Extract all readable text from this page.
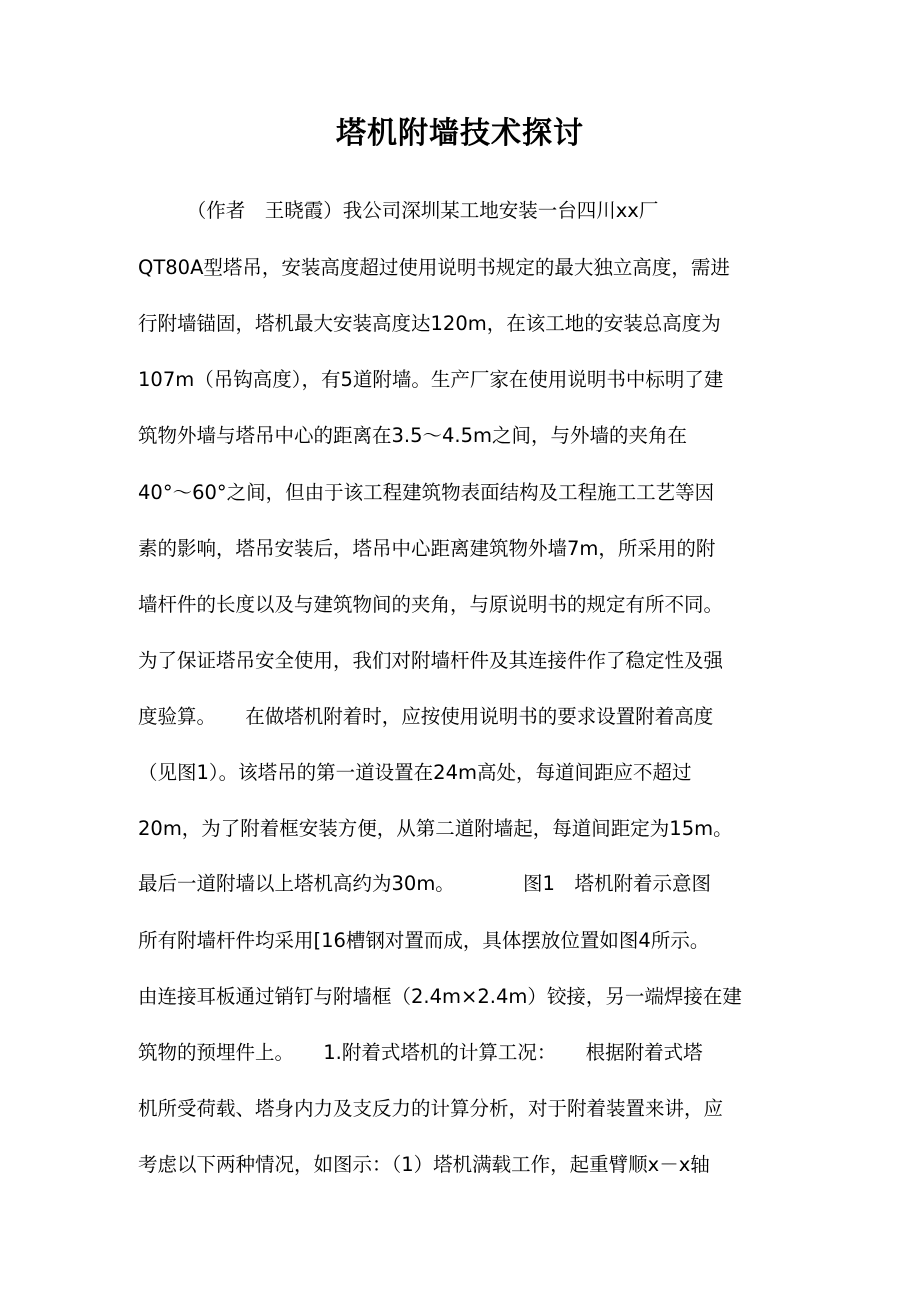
塔机附墙技术探讨
　　　（作者　王晓霞）我公司深圳某工地安装一台四川xx厂
QT80A型塔吊，安装高度超过使用说明书规定的最大独立高度，需进
行附墙锚固，塔机最大安装高度达120m，在该工地的安装总高度为
107m（吊钩高度），有5道附墙。生产厂家在使用说明书中标明了建
筑物外墙与塔吊中心的距离在3.5～4.5m之间，与外墙的夹角在
40°～60°之间，但由于该工程建筑物表面结构及工程施工工艺等因
素的影响，塔吊安装后，塔吊中心距离建筑物外墙7m，所采用的附
墙杆件的长度以及与建筑物间的夹角，与原说明书的规定有所不同。
为了保证塔吊安全使用，我们对附墙杆件及其连接件作了稳定性及强
度验算。　　在做塔机附着时，应按使用说明书的要求设置附着高度
（见图1）。该塔吊的第一道设置在24m高处，每道间距应不超过
20m，为了附着框安装方便，从第二道附墙起，每道间距定为15m。
最后一道附墙以上塔机高约为30m。　　　　图1　塔机附着示意图
所有附墙杆件均采用[16槽钢对置而成，具体摆放位置如图4所示。
由连接耳板通过销钉与附墙框（2.4m×2.4m）铰接，另一端焊接在建
筑物的预埋件上。　　1.附着式塔机的计算工况：　　根据附着式塔
机所受荷载、塔身内力及支反力的计算分析，对于附着装置来讲，应
考虑以下两种情况，如图示：（1）塔机满载工作，起重臂顺x－x轴
